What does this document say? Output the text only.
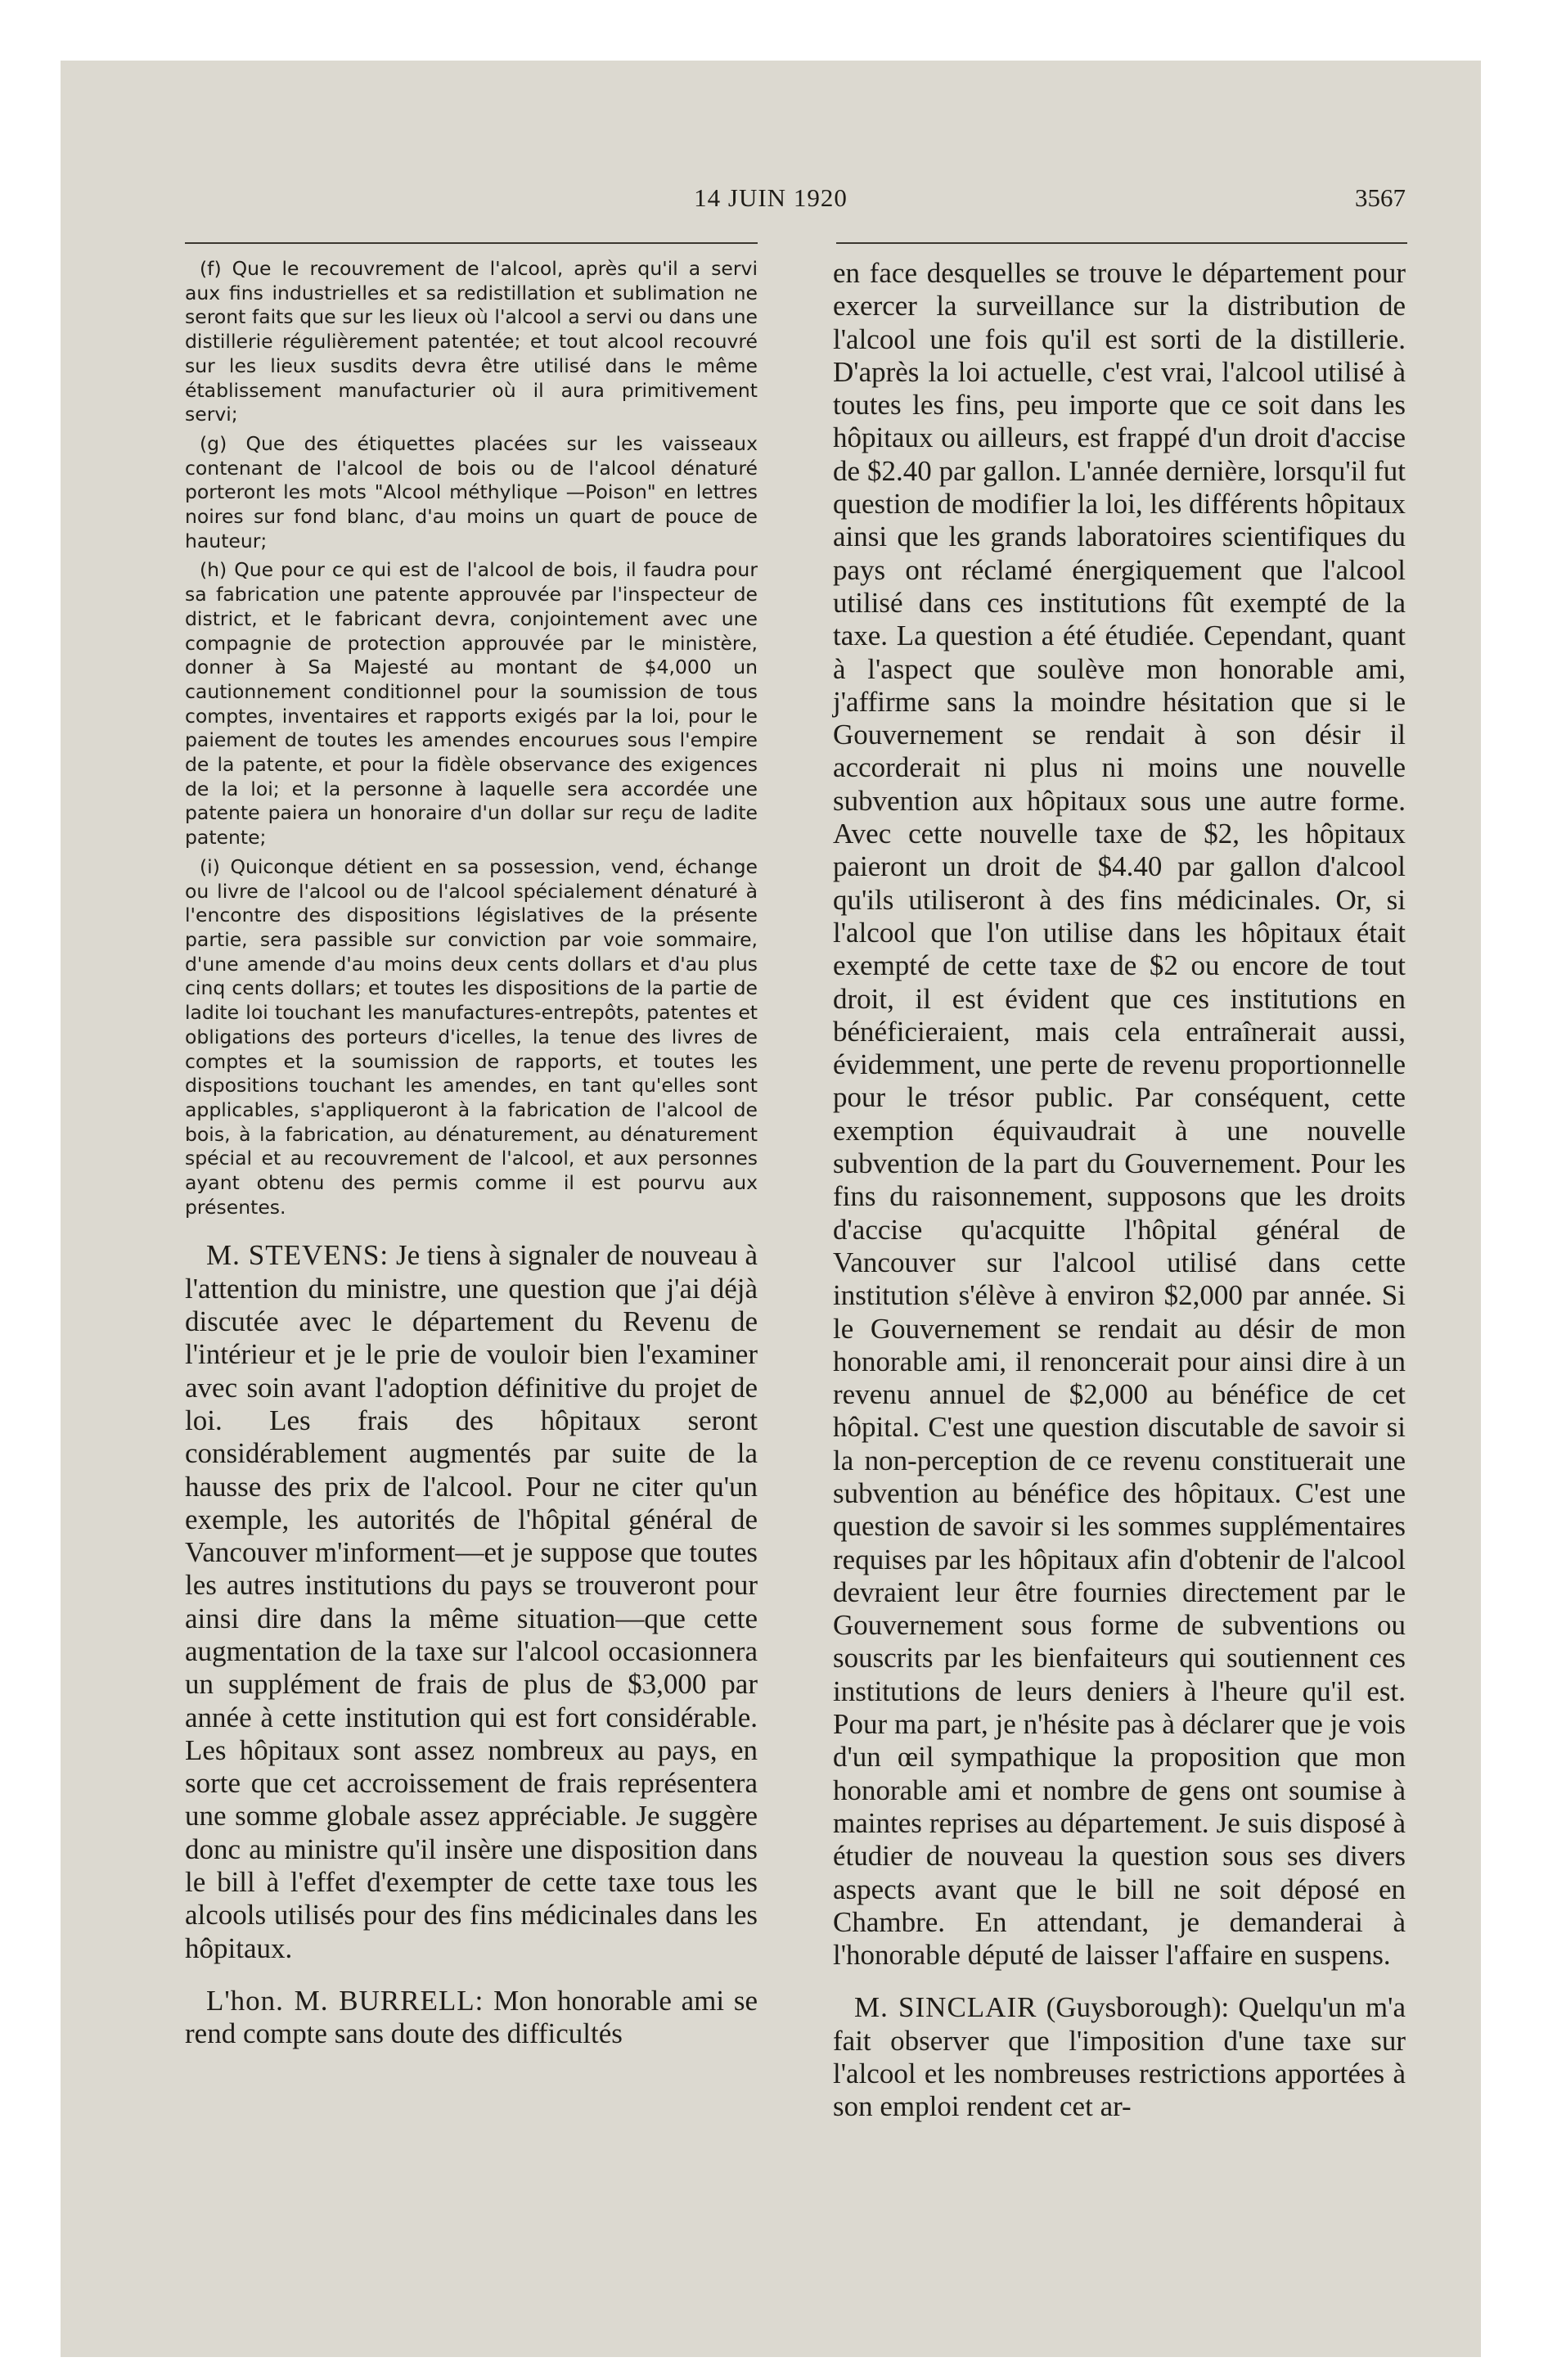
14 JUIN 1920	3567

(f) Que le recouvrement de l'alcool, après qu'il a servi aux fins industrielles et sa redistillation et sublimation ne seront faits que sur les lieux où l'alcool a servi ou dans une distillerie régulièrement patentée; et tout alcool recouvré sur les lieux susdits devra être utilisé dans le même établissement manufacturier où il aura primitivement servi;

(g) Que des étiquettes placées sur les vaisseaux contenant de l'alcool de bois ou de l'alcool dénaturé porteront les mots "Alcool méthylique —Poison" en lettres noires sur fond blanc, d'au moins un quart de pouce de hauteur;

(h) Que pour ce qui est de l'alcool de bois, il faudra pour sa fabrication une patente approuvée par l'inspecteur de district, et le fabricant devra, conjointement avec une compagnie de protection approuvée par le ministère, donner à Sa Majesté au montant de $4,000 un cautionnement conditionnel pour la soumission de tous comptes, inventaires et rapports exigés par la loi, pour le paiement de toutes les amendes encourues sous l'empire de la patente, et pour la fidèle observance des exigences de la loi; et la personne à laquelle sera accordée une patente paiera un honoraire d'un dollar sur reçu de ladite patente;

(i) Quiconque détient en sa possession, vend, échange ou livre de l'alcool ou de l'alcool spécialement dénaturé à l'encontre des dispositions législatives de la présente partie, sera passible sur conviction par voie sommaire, d'une amende d'au moins deux cents dollars et d'au plus cinq cents dollars; et toutes les dispositions de la partie de ladite loi touchant les manufactures-entrepôts, patentes et obligations des porteurs d'icelles, la tenue des livres de comptes et la soumission de rapports, et toutes les dispositions touchant les amendes, en tant qu'elles sont applicables, s'appliqueront à la fabrication de l'alcool de bois, à la fabrication, au dénaturement, au dénaturement spécial et au recouvrement de l'alcool, et aux personnes ayant obtenu des permis comme il est pourvu aux présentes.

M. STEVENS: Je tiens à signaler de nouveau à l'attention du ministre, une question que j'ai déjà discutée avec le département du Revenu de l'intérieur et je le prie de vouloir bien l'examiner avec soin avant l'adoption définitive du projet de loi. Les frais des hôpitaux seront considérablement augmentés par suite de la hausse des prix de l'alcool. Pour ne citer qu'un exemple, les autorités de l'hôpital général de Vancouver m'informent—et je suppose que toutes les autres institutions du pays se trouveront pour ainsi dire dans la même situation—que cette augmentation de la taxe sur l'alcool occasionnera un supplément de frais de plus de $3,000 par année à cette institution qui est fort considérable. Les hôpitaux sont assez nombreux au pays, en sorte que cet accroissement de frais représentera une somme globale assez appréciable. Je suggère donc au ministre qu'il insère une disposition dans le bill à l'effet d'exempter de cette taxe tous les alcools utilisés pour des fins médicinales dans les hôpitaux.

L'hon. M. BURRELL: Mon honorable ami se rend compte sans doute des difficultés

en face desquelles se trouve le département pour exercer la surveillance sur la distribution de l'alcool une fois qu'il est sorti de la distillerie. D'après la loi actuelle, c'est vrai, l'alcool utilisé à toutes les fins, peu importe que ce soit dans les hôpitaux ou ailleurs, est frappé d'un droit d'accise de $2.40 par gallon. L'année dernière, lorsqu'il fut question de modifier la loi, les différents hôpitaux ainsi que les grands laboratoires scientifiques du pays ont réclamé énergiquement que l'alcool utilisé dans ces institutions fût exempté de la taxe. La question a été étudiée. Cependant, quant à l'aspect que soulève mon honorable ami, j'affirme sans la moindre hésitation que si le Gouvernement se rendait à son désir il accorderait ni plus ni moins une nouvelle subvention aux hôpitaux sous une autre forme. Avec cette nouvelle taxe de $2, les hôpitaux paieront un droit de $4.40 par gallon d'alcool qu'ils utiliseront à des fins médicinales. Or, si l'alcool que l'on utilise dans les hôpitaux était exempté de cette taxe de $2 ou encore de tout droit, il est évident que ces institutions en bénéficieraient, mais cela entraînerait aussi, évidemment, une perte de revenu proportionnelle pour le trésor public. Par conséquent, cette exemption équivaudrait à une nouvelle subvention de la part du Gouvernement. Pour les fins du raisonnement, supposons que les droits d'accise qu'acquitte l'hôpital général de Vancouver sur l'alcool utilisé dans cette institution s'élève à environ $2,000 par année. Si le Gouvernement se rendait au désir de mon honorable ami, il renoncerait pour ainsi dire à un revenu annuel de $2,000 au bénéfice de cet hôpital. C'est une question discutable de savoir si la non-perception de ce revenu constituerait une subvention au bénéfice des hôpitaux. C'est une question de savoir si les sommes supplémentaires requises par les hôpitaux afin d'obtenir de l'alcool devraient leur être fournies directement par le Gouvernement sous forme de subventions ou souscrits par les bienfaiteurs qui soutiennent ces institutions de leurs deniers à l'heure qu'il est. Pour ma part, je n'hésite pas à déclarer que je vois d'un œil sympathique la proposition que mon honorable ami et nombre de gens ont soumise à maintes reprises au département. Je suis disposé à étudier de nouveau la question sous ses divers aspects avant que le bill ne soit déposé en Chambre. En attendant, je demanderai à l'honorable député de laisser l'affaire en suspens.

M. SINCLAIR (Guysborough): Quelqu'un m'a fait observer que l'imposition d'une taxe sur l'alcool et les nombreuses restrictions apportées à son emploi rendent cet ar-
